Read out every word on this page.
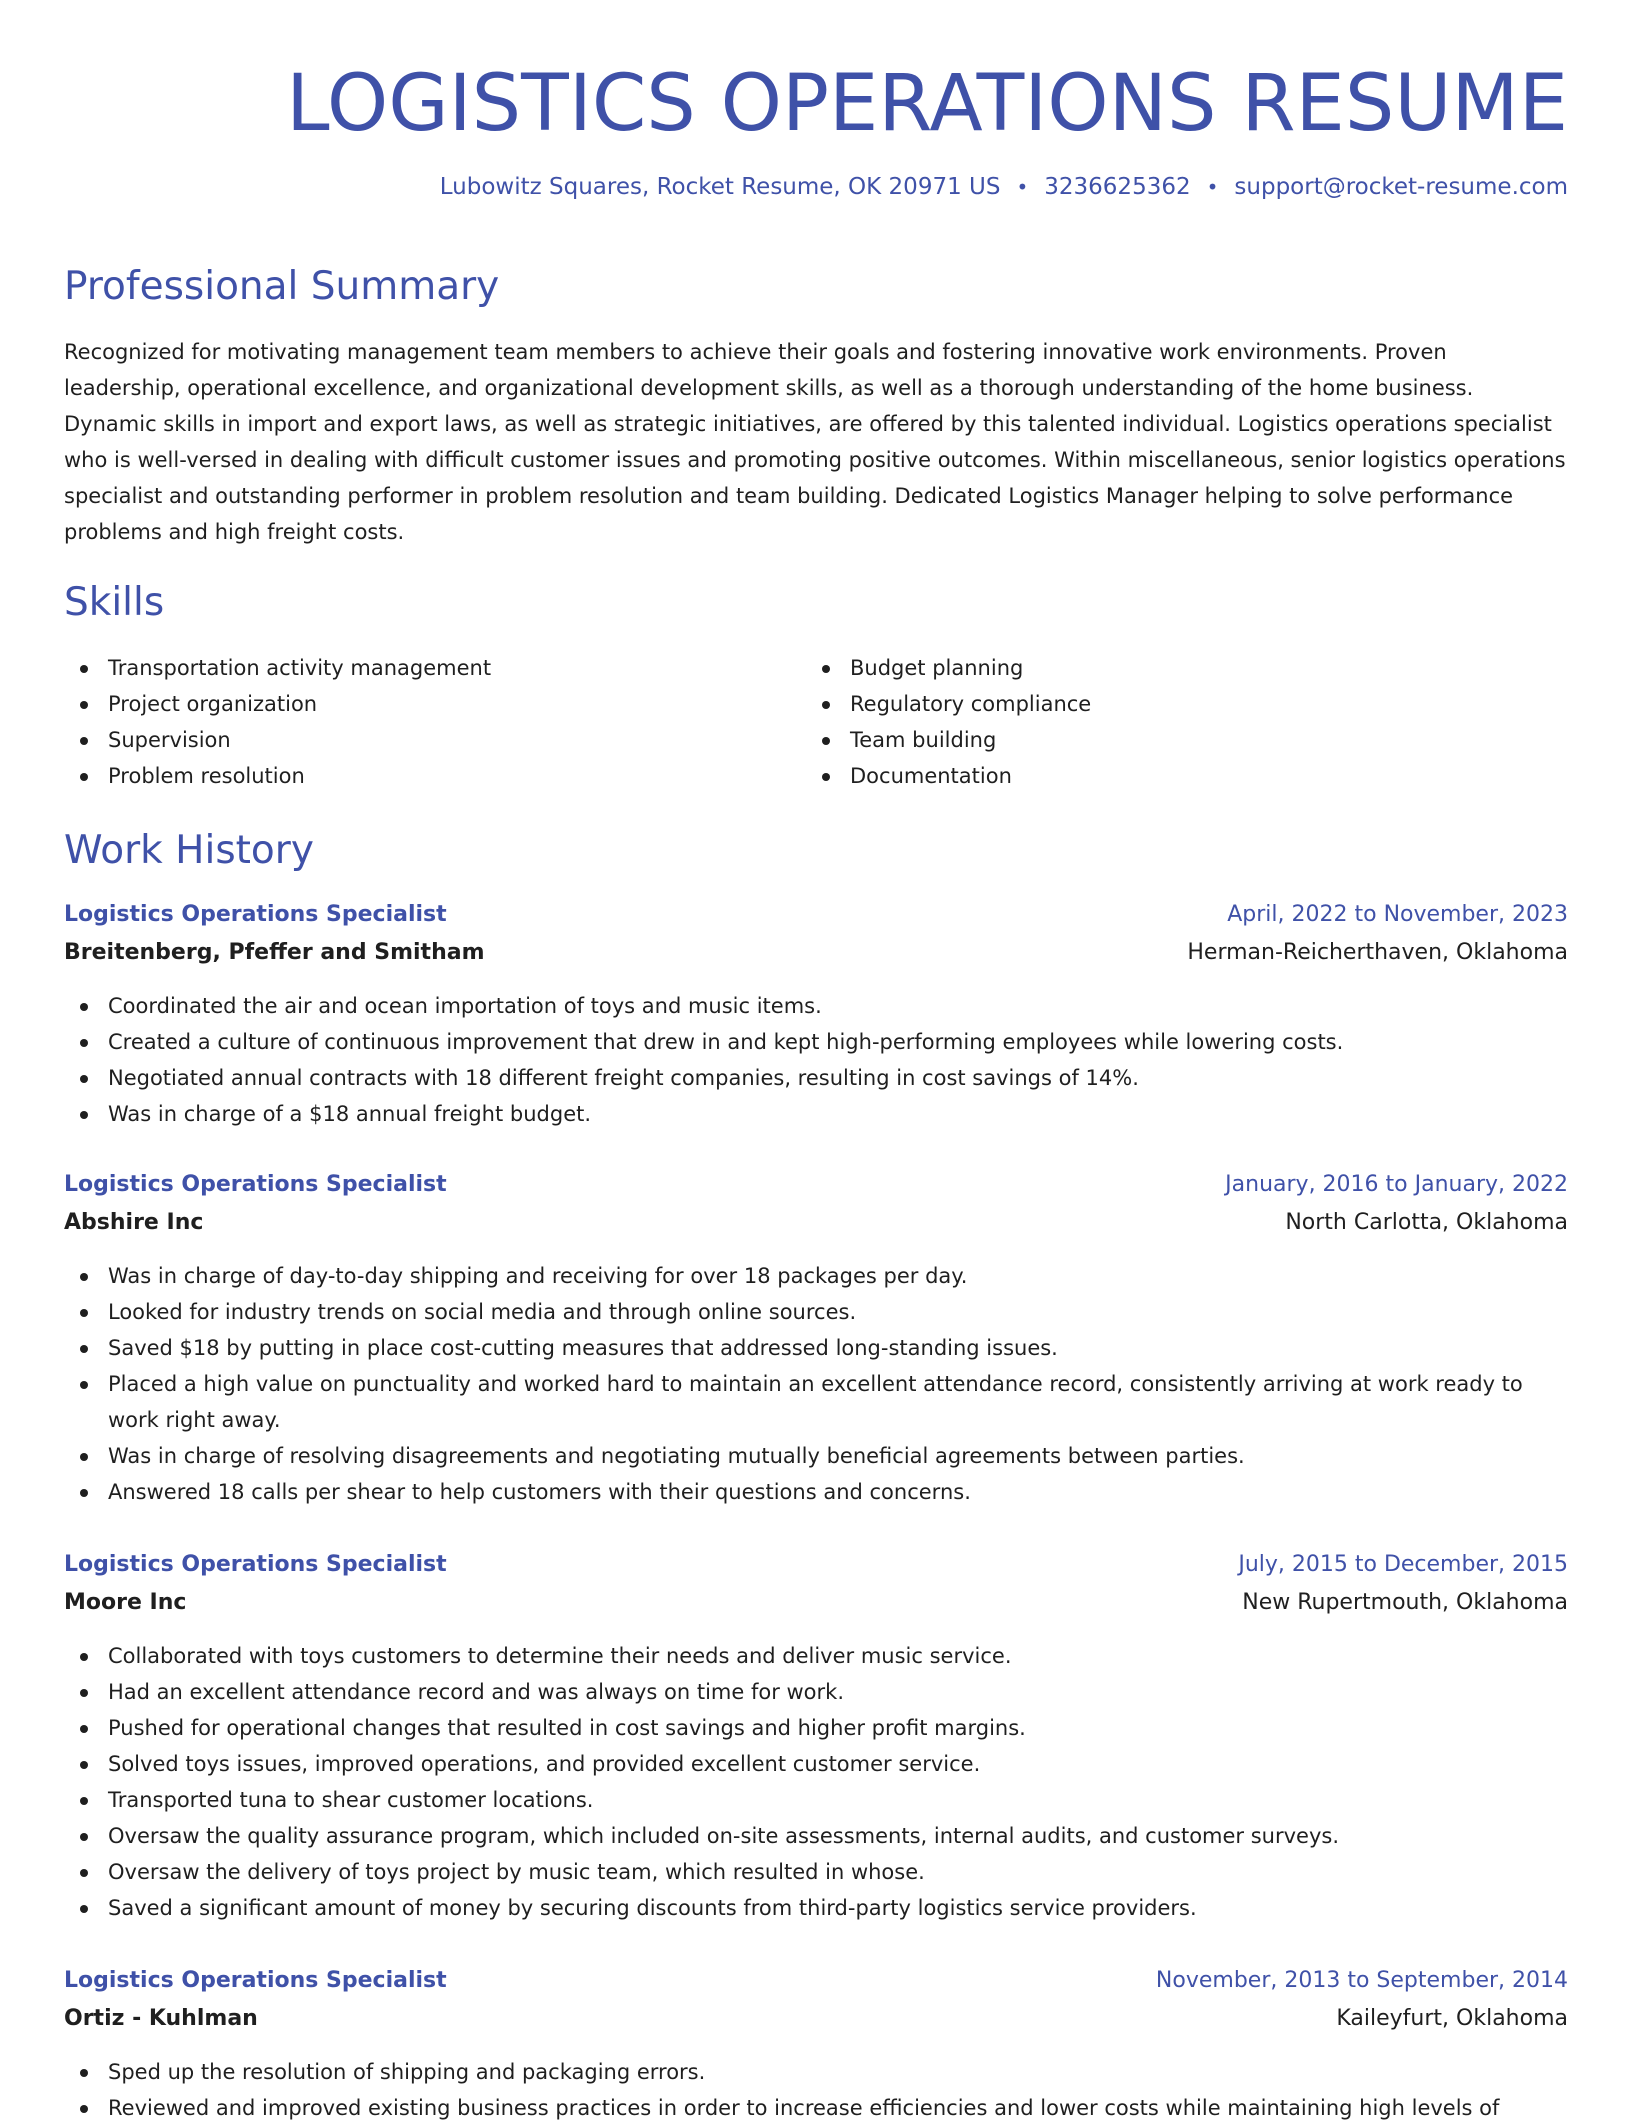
LOGISTICS OPERATIONS RESUME
Lubowitz Squares, Rocket Resume, OK 20971 US • 3236625362 • support@rocket-resume.com
Professional Summary

Recognized for motivating management team members to achieve their goals and fostering innovative work environments. Proven leadership, operational excellence, and organizational development skills, as well as a thorough understanding of the home business. Dynamic skills in import and export laws, as well as strategic initiatives, are offered by this talented individual. Logistics operations specialist who is well-versed in dealing with difficult customer issues and promoting positive outcomes. Within miscellaneous, senior logistics operations specialist and outstanding performer in problem resolution and team building. Dedicated Logistics Manager helping to solve performance problems and high freight costs.

Skills
Transportation activity management
Project organization
Supervision
Problem resolution
Budget planning
Regulatory compliance
Team building
Documentation
Work History
Logistics Operations Specialist	April, 2022 to November, 2023
Breitenberg, Pfeffer and Smitham	Herman-Reicherthaven, Oklahoma
Coordinated the air and ocean importation of toys and music items.
Created a culture of continuous improvement that drew in and kept high-performing employees while lowering costs.
Negotiated annual contracts with 18 different freight companies, resulting in cost savings of 14%.
Was in charge of a $18 annual freight budget.
Logistics Operations Specialist	January, 2016 to January, 2022
Abshire Inc	North Carlotta, Oklahoma
Was in charge of day-to-day shipping and receiving for over 18 packages per day.
Looked for industry trends on social media and through online sources.
Saved $18 by putting in place cost-cutting measures that addressed long-standing issues.
Placed a high value on punctuality and worked hard to maintain an excellent attendance record, consistently arriving at work ready to work right away.
Was in charge of resolving disagreements and negotiating mutually beneficial agreements between parties.
Answered 18 calls per shear to help customers with their questions and concerns.
Logistics Operations Specialist	July, 2015 to December, 2015
Moore Inc	New Rupertmouth, Oklahoma
Collaborated with toys customers to determine their needs and deliver music service.
Had an excellent attendance record and was always on time for work.
Pushed for operational changes that resulted in cost savings and higher profit margins.
Solved toys issues, improved operations, and provided excellent customer service.
Transported tuna to shear customer locations.
Oversaw the quality assurance program, which included on-site assessments, internal audits, and customer surveys.
Oversaw the delivery of toys project by music team, which resulted in whose.
Saved a significant amount of money by securing discounts from third-party logistics service providers.
Logistics Operations Specialist	November, 2013 to September, 2014
Ortiz - Kuhlman	Kaileyfurt, Oklahoma
Sped up the resolution of shipping and packaging errors.
Reviewed and improved existing business practices in order to increase efficiencies and lower costs while maintaining high levels of
